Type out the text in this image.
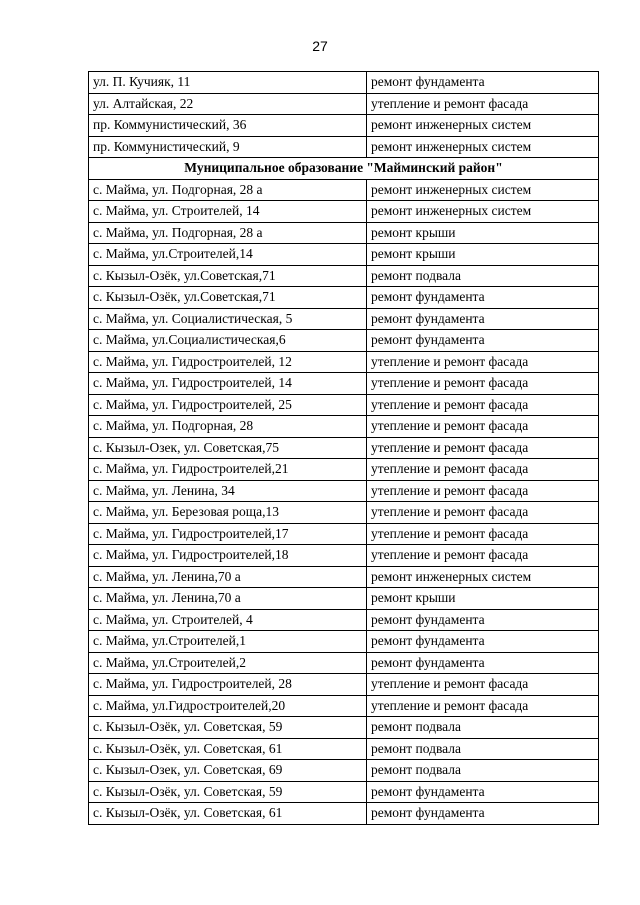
27
ул. П. Кучияк, 11	ремонт фундамента
ул. Алтайская, 22	утепление и ремонт фасада
пр. Коммунистический, 36	ремонт инженерных систем
пр. Коммунистический, 9	ремонт инженерных систем
Муниципальное образование "Майминский район"	
с. Майма, ул. Подгорная, 28 а	ремонт инженерных систем
с. Майма, ул. Строителей, 14	ремонт инженерных систем
с. Майма, ул. Подгорная, 28 а	ремонт крыши
с. Майма, ул.Строителей,14	ремонт крыши
с. Кызыл-Озёк, ул.Советская,71	ремонт подвала
с. Кызыл-Озёк, ул.Советская,71	ремонт фундамента
с. Майма, ул. Социалистическая, 5	ремонт фундамента
с. Майма, ул.Социалистическая,6	ремонт фундамента
с. Майма, ул. Гидростроителей, 12	утепление и ремонт фасада
с. Майма, ул. Гидростроителей, 14	утепление и ремонт фасада
с. Майма, ул. Гидростроителей, 25	утепление и ремонт фасада
с. Майма, ул. Подгорная, 28	утепление и ремонт фасада
с. Кызыл-Озек, ул. Советская,75	утепление и ремонт фасада
с. Майма, ул. Гидростроителей,21	утепление и ремонт фасада
с. Майма, ул. Ленина, 34	утепление и ремонт фасада
с. Майма, ул. Березовая роща,13	утепление и ремонт фасада
с. Майма, ул. Гидростроителей,17	утепление и ремонт фасада
с. Майма, ул. Гидростроителей,18	утепление и ремонт фасада
с. Майма, ул. Ленина,70 а	ремонт инженерных систем
с. Майма, ул. Ленина,70 а	ремонт крыши
с. Майма, ул. Строителей, 4	ремонт фундамента
с. Майма, ул.Строителей,1	ремонт фундамента
с. Майма, ул.Строителей,2	ремонт фундамента
с. Майма, ул. Гидростроителей, 28	утепление и ремонт фасада
с. Майма, ул.Гидростроителей,20	утепление и ремонт фасада
с. Кызыл-Озёк, ул. Советская, 59	ремонт подвала
с. Кызыл-Озёк, ул. Советская, 61	ремонт подвала
с. Кызыл-Озек, ул. Советская, 69	ремонт подвала
с. Кызыл-Озёк, ул. Советская, 59	ремонт фундамента
с. Кызыл-Озёк, ул. Советская, 61	ремонт фундамента
